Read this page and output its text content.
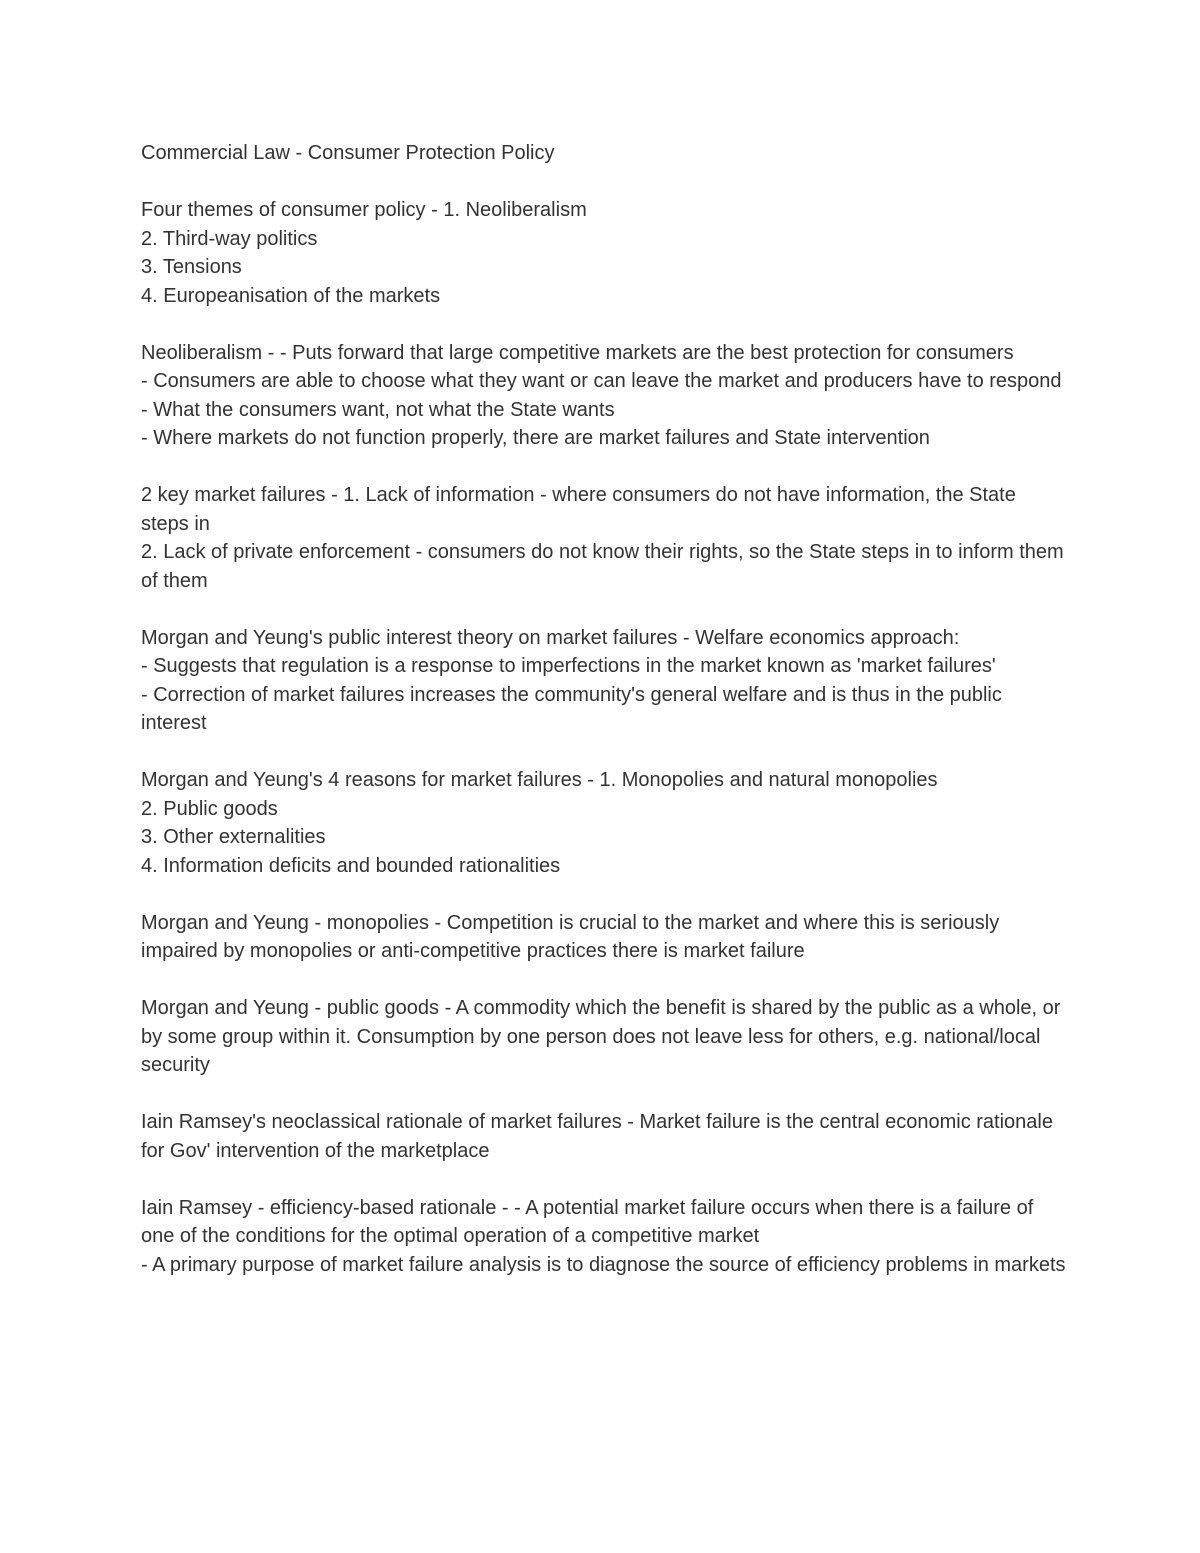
Commercial Law - Consumer Protection Policy

Four themes of consumer policy - 1. Neoliberalism

2. Third-way politics

3. Tensions

4. Europeanisation of the markets

Neoliberalism - - Puts forward that large competitive markets are the best protection for consumers

- Consumers are able to choose what they want or can leave the market and producers have to respond

- What the consumers want, not what the State wants

- Where markets do not function properly, there are market failures and State intervention

2 key market failures - 1. Lack of information - where consumers do not have information, the State steps in

2. Lack of private enforcement - consumers do not know their rights, so the State steps in to inform them of them

Morgan and Yeung's public interest theory on market failures - Welfare economics approach:

- Suggests that regulation is a response to imperfections in the market known as 'market failures'

- Correction of market failures increases the community's general welfare and is thus in the public interest

Morgan and Yeung's 4 reasons for market failures - 1. Monopolies and natural monopolies

2. Public goods

3. Other externalities

4. Information deficits and bounded rationalities

Morgan and Yeung - monopolies - Competition is crucial to the market and where this is seriously impaired by monopolies or anti-competitive practices there is market failure

Morgan and Yeung - public goods - A commodity which the benefit is shared by the public as a whole, or by some group within it. Consumption by one person does not leave less for others, e.g. national/local security

Iain Ramsey's neoclassical rationale of market failures - Market failure is the central economic rationale for Gov' intervention of the marketplace

Iain Ramsey - efficiency-based rationale - - A potential market failure occurs when there is a failure of one of the conditions for the optimal operation of a competitive market

- A primary purpose of market failure analysis is to diagnose the source of efficiency problems in markets
